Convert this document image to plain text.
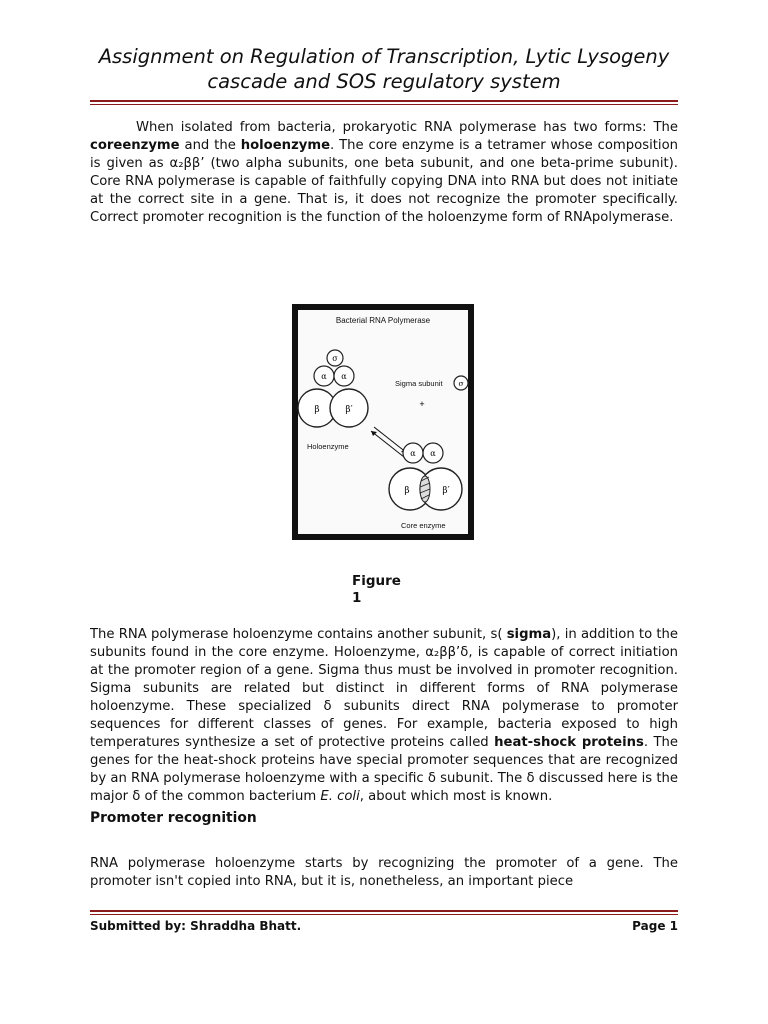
Assignment on Regulation of Transcription, Lytic Lysogeny
cascade and SOS regulatory system

When isolated from bacteria, prokaryotic RNA polymerase has two forms: The coreenzyme and the holoenzyme. The core enzyme is a tetramer whose composition is given as α₂ββ’ (two alpha subunits, one beta subunit, and one beta-prime subunit). Core RNA polymerase is capable of faithfully copying DNA into RNA but does not initiate at the correct site in a gene. That is, it does not recognize the promoter specifically. Correct promoter recognition is the function of the holoenzyme form of RNApolymerase.

Bacterial RNA Polymerase
σ
α α
β	β′
Holoenzyme
Sigma subunit σ
+
α α
β	β′
Core enzyme
Figure
1

The RNA polymerase holoenzyme contains another subunit, s( sigma), in addition to the subunits found in the core enzyme. Holoenzyme, α₂ββ’δ, is capable of correct initiation at the promoter region of a gene. Sigma thus must be involved in promoter recognition. Sigma subunits are related but distinct in different forms of RNA polymerase holoenzyme. These specialized δ subunits direct RNA polymerase to promoter sequences for different classes of genes. For example, bacteria exposed to high temperatures synthesize a set of protective proteins called heat-shock proteins. The genes for the heat-shock proteins have special promoter sequences that are recognized by an RNA polymerase holoenzyme with a specific δ subunit. The δ discussed here is the major δ of the common bacterium E. coli, about which most is known.

Promoter recognition

RNA polymerase holoenzyme starts by recognizing the promoter of a gene. The promoter isn't copied into RNA, but it is, nonetheless, an important piece

Submitted by: Shraddha Bhatt.	Page 1
